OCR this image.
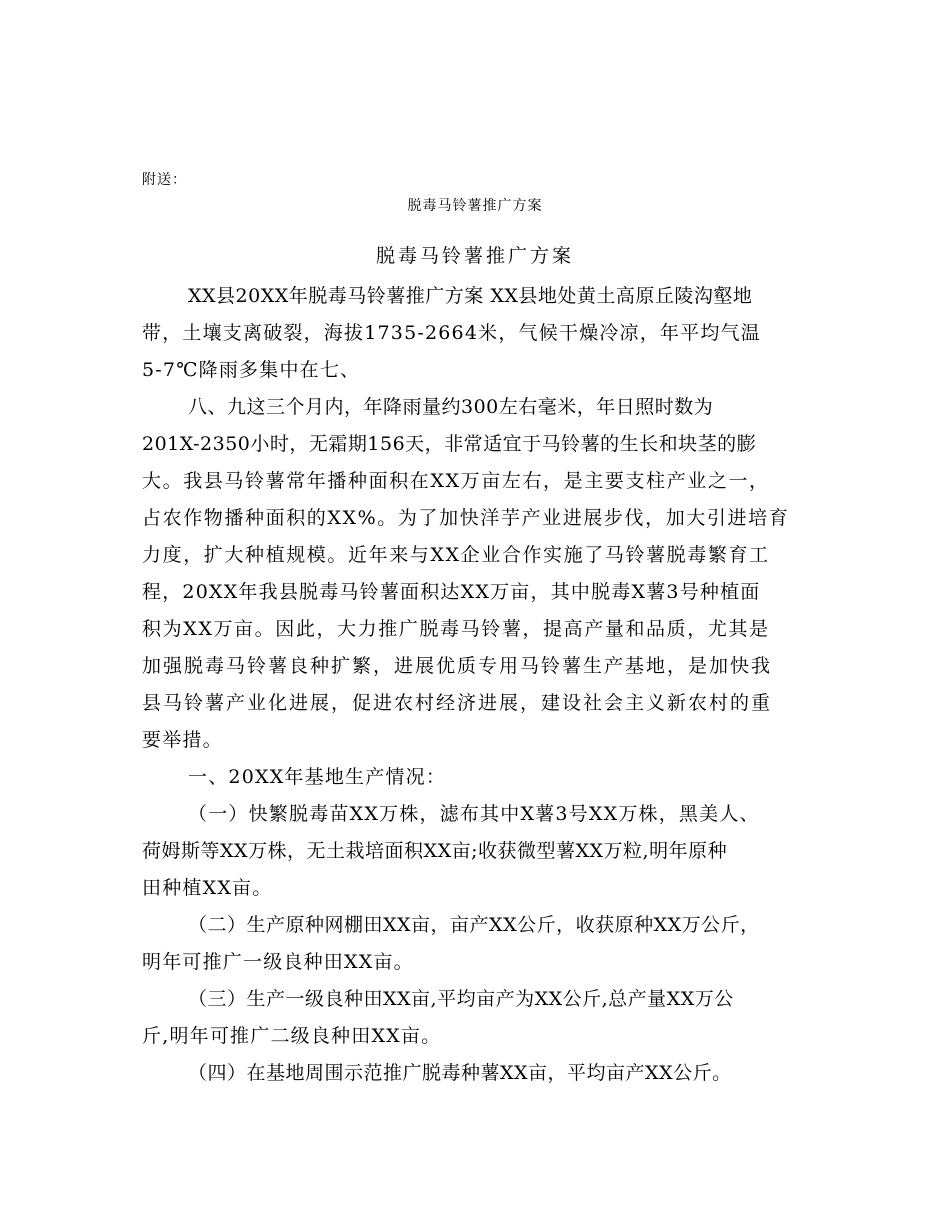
附送：
脱毒马铃薯推广方案
脱毒马铃薯推广方案
XX县20XX年脱毒马铃薯推广方案 XX县地处黄土高原丘陵沟壑地
带，土壤支离破裂，海拔1735-2664米，气候干燥冷凉，年平均气温
5-7℃降雨多集中在七、
八、九这三个月内，年降雨量约300左右毫米，年日照时数为
201X-2350小时，无霜期156天，非常适宜于马铃薯的生长和块茎的膨
大。我县马铃薯常年播种面积在XX万亩左右，是主要支柱产业之一，
占农作物播种面积的XX%。为了加快洋芋产业进展步伐，加大引进培育
力度，扩大种植规模。近年来与XX企业合作实施了马铃薯脱毒繁育工
程，20XX年我县脱毒马铃薯面积达XX万亩，其中脱毒X薯3号种植面
积为XX万亩。因此，大力推广脱毒马铃薯，提高产量和品质，尤其是
加强脱毒马铃薯良种扩繁，进展优质专用马铃薯生产基地，是加快我
县马铃薯产业化进展，促进农村经济进展，建设社会主义新农村的重
要举措。
一、20XX年基地生产情况：
（一）快繁脱毒苗XX万株，滤布其中X薯3号XX万株，黑美人、
荷姆斯等XX万株，无土栽培面积XX亩;收获微型薯XX万粒,明年原种
田种植XX亩。
（二）生产原种网棚田XX亩，亩产XX公斤，收获原种XX万公斤，
明年可推广一级良种田XX亩。
（三）生产一级良种田XX亩,平均亩产为XX公斤,总产量XX万公
斤,明年可推广二级良种田XX亩。
（四）在基地周围示范推广脱毒种薯XX亩，平均亩产XX公斤。
